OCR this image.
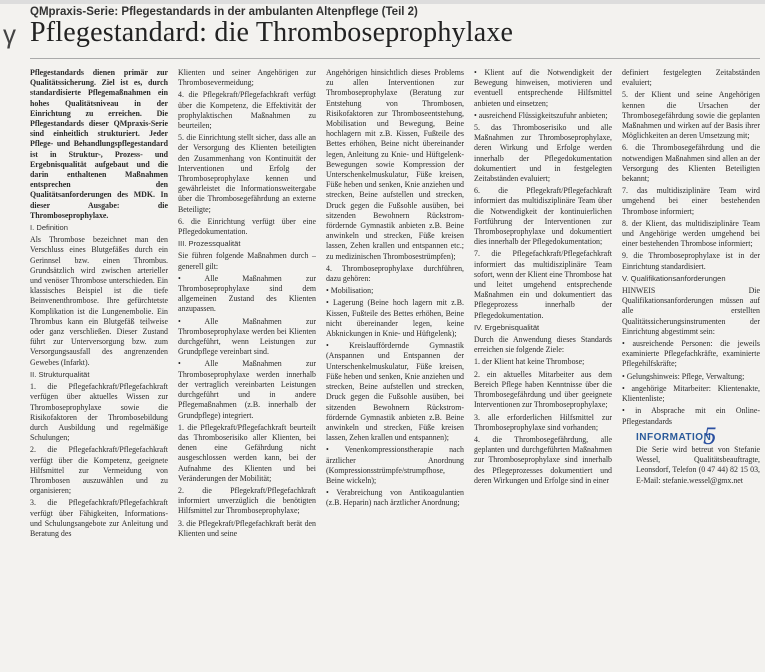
QMpraxis-Serie: Pflegestandards in der ambulanten Altenpflege (Teil 2)
γ Pflegestandard: die Thromboseprophylaxe

Pflegestandards dienen primär zur Qualitätssicherung. Ziel ist es, durch standardisierte Pflegemaßnahmen ein hohes Qualitätsniveau in der Einrichtung zu erreichen. Die Pflegestandards dieser QMpraxis-Serie sind einheitlich strukturiert. Jeder Pflege- und Behandlungspflegestandard ist in Struktur-, Prozess- und Ergebnisqualität aufgebaut und die darin enthaltenen Maßnahmen entsprechen den Qualitätsanforderungen des MDK. In dieser Ausgabe: die Thromboseprophylaxe.

I. Definition

Als Thrombose bezeichnet man den Verschluss eines Blutgefäßes durch ein Gerinnsel bzw. einen Thrombus. Grundsätzlich wird zwischen arterieller und venöser Thrombose unterschieden. Ein klassisches Beispiel ist die tiefe Beinvenenthrombose. Ihre gefürchtetste Komplikation ist die Lungenembolie. Ein Thrombus kann ein Blutgefäß teilweise oder ganz verschließen. Dieser Zustand führt zur Unterversorgung bzw. zum Versorgungsausfall des angrenzenden Gewebes (Infarkt).

II. Strukturqualität

1. die Pflegefachkraft/Pflegefachkraft verfügen über aktuelles Wissen zur Thromboseprophylaxe sowie die Risikofaktoren der Thrombosebildung durch Ausbildung und regelmäßige Schulungen;

2. die Pflegefachkraft/Pflegefachkraft verfügt über die Kompetenz, geeignete Hilfsmittel zur Vermeidung von Thrombosen auszuwählen und zu organisieren;

3. die Pflegefachkraft/Pflegefachkraft verfügt über Fähigkeiten, Informations- und Schulungsangebote zur Anleitung und Beratung des

Klienten und seiner Angehörigen zur Thrombosevermeidung;

4. die Pflegekraft/Pflegefachkraft verfügt über die Kompetenz, die Effektivität der prophylaktischen Maßnahmen zu beurteilen;

5. die Einrichtung stellt sicher, dass alle an der Versorgung des Klienten beteiligten den Zusammenhang von Kontinuität der Interventionen und Erfolg der Thromboseprophylaxe kennen und gewährleistet die Informationsweitergabe über die Thrombosegefährdung an externe Beteiligte;

6. die Einrichtung verfügt über eine Pflegedokumentation.

III. Prozessqualität

Sie führen folgende Maßnahmen durch – generell gilt:

• Alle Maßnahmen zur Thromboseprophylaxe sind dem allgemeinen Zustand des Klienten anzupassen.

• Alle Maßnahmen zur Thromboseprophylaxe werden bei Klienten durchgeführt, wenn Leistungen zur Grundpflege vereinbart sind.

• Alle Maßnahmen zur Thromboseprophylaxe werden innerhalb der vertraglich vereinbarten Leistungen durchgeführt und in andere Pflegemaßnahmen (z.B. innerhalb der Grundpflege) integriert.

1. die Pflegekraft/Pflegefachkraft beurteilt das Thromboserisiko aller Klienten, bei denen eine Gefährdung nicht ausgeschlossen werden kann, bei der Aufnahme des Klienten und bei Veränderungen der Mobilität;

2. die Pflegekraft/Pflegefachkraft informiert unverzüglich die benötigten Hilfsmittel zur Thromboseprophylaxe;

3. die Pflegekraft/Pflegefachkraft berät den Klienten und seine

Angehörigen hinsichtlich dieses Problems zu allen Interventionen zur Thromboseprophylaxe (Beratung zur Entstehung von Thrombosen, Risikofaktoren zur Thromboseentstehung, Mobilisation und Bewegung, Beine hochlagern mit z.B. Kissen, Fußteile des Bettes erhöhen, Beine nicht übereinander legen, Anleitung zu Knie- und Hüftgelenk-Bewegungen sowie Kompression der Unterschenkelmuskulatur, Füße kreisen, Füße heben und senken, Knie anziehen und strecken, Beine aufstellen und strecken, Druck gegen die Fußsohle ausüben, bei sitzenden Bewohnern Rückstrom-fördernde Gymnastik anbieten z.B. Beine anwinkeln und strecken, Füße kreisen lassen, Zehen krallen und entspannen etc.; zu medizinischen Thrombosestrümpfen);

4. Thromboseprophylaxe durchführen, dazu gehören:

• Mobilisation;

• Lagerung (Beine hoch lagern mit z.B. Kissen, Fußteile des Bettes erhöhen, Beine nicht übereinander legen, keine Abknickungen in Knie- und Hüftgelenk);

• Kreislauffördernde Gymnastik (Anspannen und Entspannen der Unterschenkelmuskulatur, Füße kreisen, Füße heben und senken, Knie anziehen und strecken, Beine aufstellen und strecken, Druck gegen die Fußsohle ausüben, bei sitzenden Bewohnern Rückstrom-fördernde Gymnastik anbieten z.B. Beine anwinkeln und strecken, Füße kreisen lassen, Zehen krallen und entspannen);

• Venenkompressionstherapie nach ärztlicher Anordnung (Kompressionsstrümpfe/strumpfhose, Beine wickeln);

• Verabreichung von Antikoagulantien (z.B. Heparin) nach ärztlicher Anordnung;

• Klient auf die Notwendigkeit der Bewegung hinweisen, motivieren und eventuell entsprechende Hilfsmittel anbieten und einsetzen;

• ausreichend Flüssigkeitszufuhr anbieten;

5. das Thromboserisiko und alle Maßnahmen zur Thromboseprophylaxe, deren Wirkung und Erfolge werden innerhalb der Pflegedokumentation dokumentiert und in festgelegten Zeitabständen evaluiert;

6. die Pflegekraft/Pflegefachkraft informiert das multidisziplinäre Team über die Notwendigkeit der kontinuierlichen Fortführung der Interventionen zur Thromboseprophylaxe und dokumentiert dies innerhalb der Pflegedokumentation;

7. die Pflegefachkraft/Pflegefachkraft informiert das multidisziplinäre Team sofort, wenn der Klient eine Thrombose hat und leitet umgehend entsprechende Maßnahmen ein und dokumentiert das Pflegeprozess innerhalb der Pflegedokumentation.

IV. Ergebnisqualität

Durch die Anwendung dieses Standards erreichen sie folgende Ziele:

1. der Klient hat keine Thrombose;

2. ein aktuelles Mitarbeiter aus dem Bereich Pflege haben Kenntnisse über die Thrombosegefährdung und über geeignete Interventionen zur Thromboseprophylaxe;

3. alle erforderlichen Hilfsmittel zur Thromboseprophylaxe sind vorhanden;

4. die Thrombosegefährdung, alle geplanten und durchgeführten Maßnahmen zur Thromboseprophylaxe sind innerhalb des Pflegeprozesses dokumentiert und deren Wirkungen und Erfolge sind in einer

definiert festgelegten Zeitabständen evaluiert;

5. der Klient und seine Angehörigen kennen die Ursachen der Thrombosegefährdung sowie die geplanten Maßnahmen und wirken auf der Basis ihrer Möglichkeiten an deren Umsetzung mit;

6. die Thrombosegefährdung und die notwendigen Maßnahmen sind allen an der Versorgung des Klienten Beteiligten bekannt;

7. das multidisziplinäre Team wird umgehend bei einer bestehenden Thrombose informiert;

8. der Klient, das multidisziplinäre Team und Angehörige werden umgehend bei einer bestehenden Thrombose informiert;

9. die Thromboseprophylaxe ist in der Einrichtung standardisiert.

V. Qualifikationsanforderungen

HINWEIS Die Qualifikationsanforderungen müssen auf alle erstellten Qualitätssicherungsinstrumenten der Einrichtung abgestimmt sein:

• ausreichende Personen: die jeweils examinierte Pflegefachkräfte, examinierte Pflegehilfskräfte;

• Gelungshinweis: Pflege, Verwaltung;

• angehörige Mitarbeiter: Klientenakte, Klientenliste;

• in Absprache mit ein Online-Pflegestandards

INFORMATION
Die Serie wird betreut von Stefanie Wessel, Qualitätsbeauftragte, Leonsdorf, Telefon (0 47 44) 82 15 03, E-Mail: stefanie.wessel@gmx.net
5
